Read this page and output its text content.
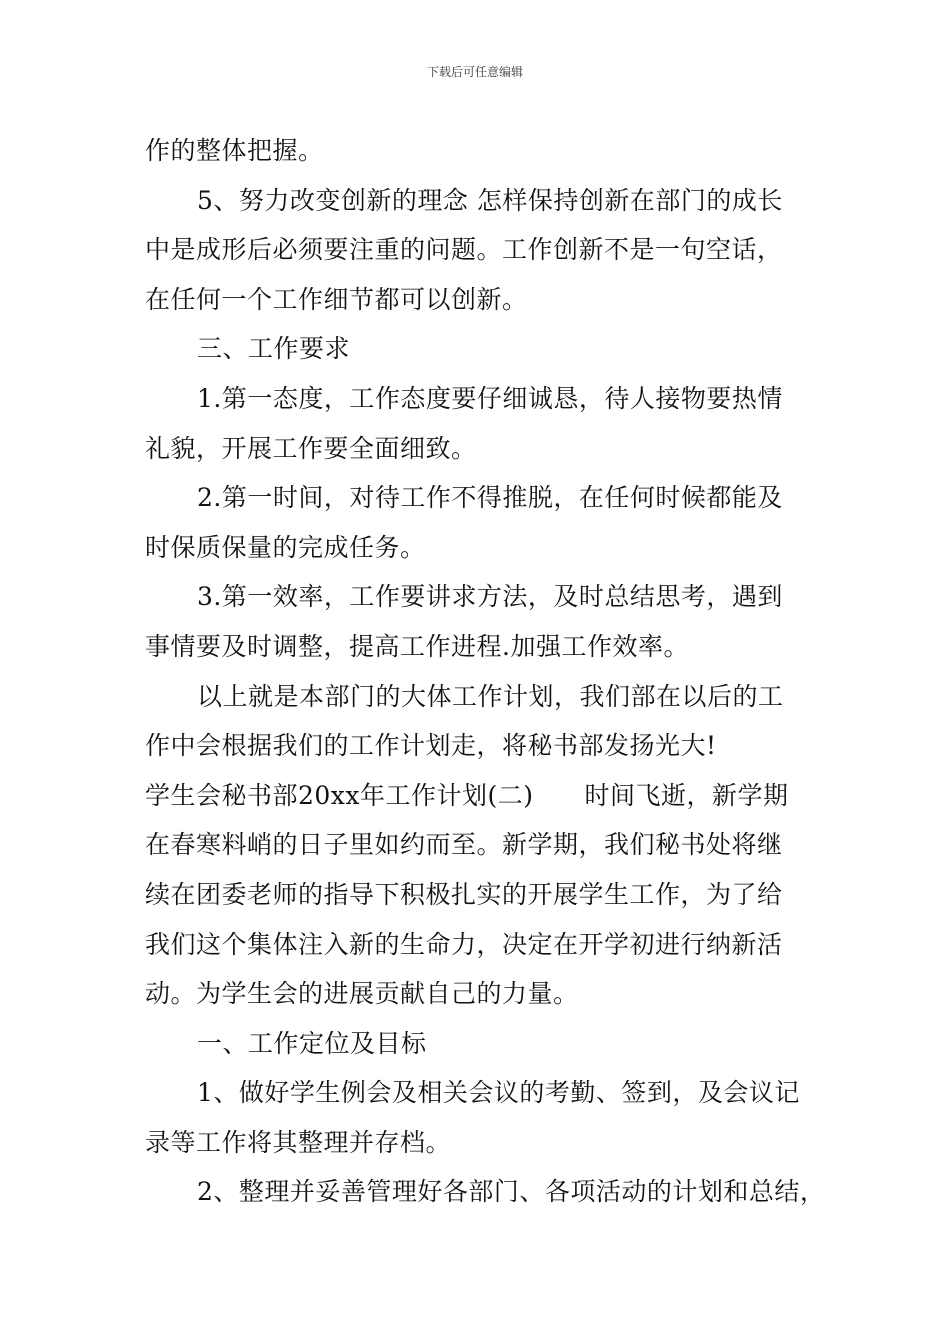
下载后可任意编辑
作的整体把握。
5、努力改变创新的理念 怎样保持创新在部门的成长
中是成形后必须要注重的问题。工作创新不是一句空话，
在任何一个工作细节都可以创新。
三、工作要求
1.第一态度，工作态度要仔细诚恳，待人接物要热情
礼貌，开展工作要全面细致。
2.第一时间，对待工作不得推脱，在任何时候都能及
时保质保量的完成任务。
3.第一效率，工作要讲求方法，及时总结思考，遇到
事情要及时调整，提高工作进程.加强工作效率。
以上就是本部门的大体工作计划，我们部在以后的工
作中会根据我们的工作计划走，将秘书部发扬光大!
学生会秘书部20xx年工作计划(二)　　时间飞逝，新学期
在春寒料峭的日子里如约而至。新学期，我们秘书处将继
续在团委老师的指导下积极扎实的开展学生工作，为了给
我们这个集体注入新的生命力，决定在开学初进行纳新活
动。为学生会的进展贡献自己的力量。
一、工作定位及目标
1、做好学生例会及相关会议的考勤、签到，及会议记
录等工作将其整理并存档。
2、整理并妥善管理好各部门、各项活动的计划和总结，
